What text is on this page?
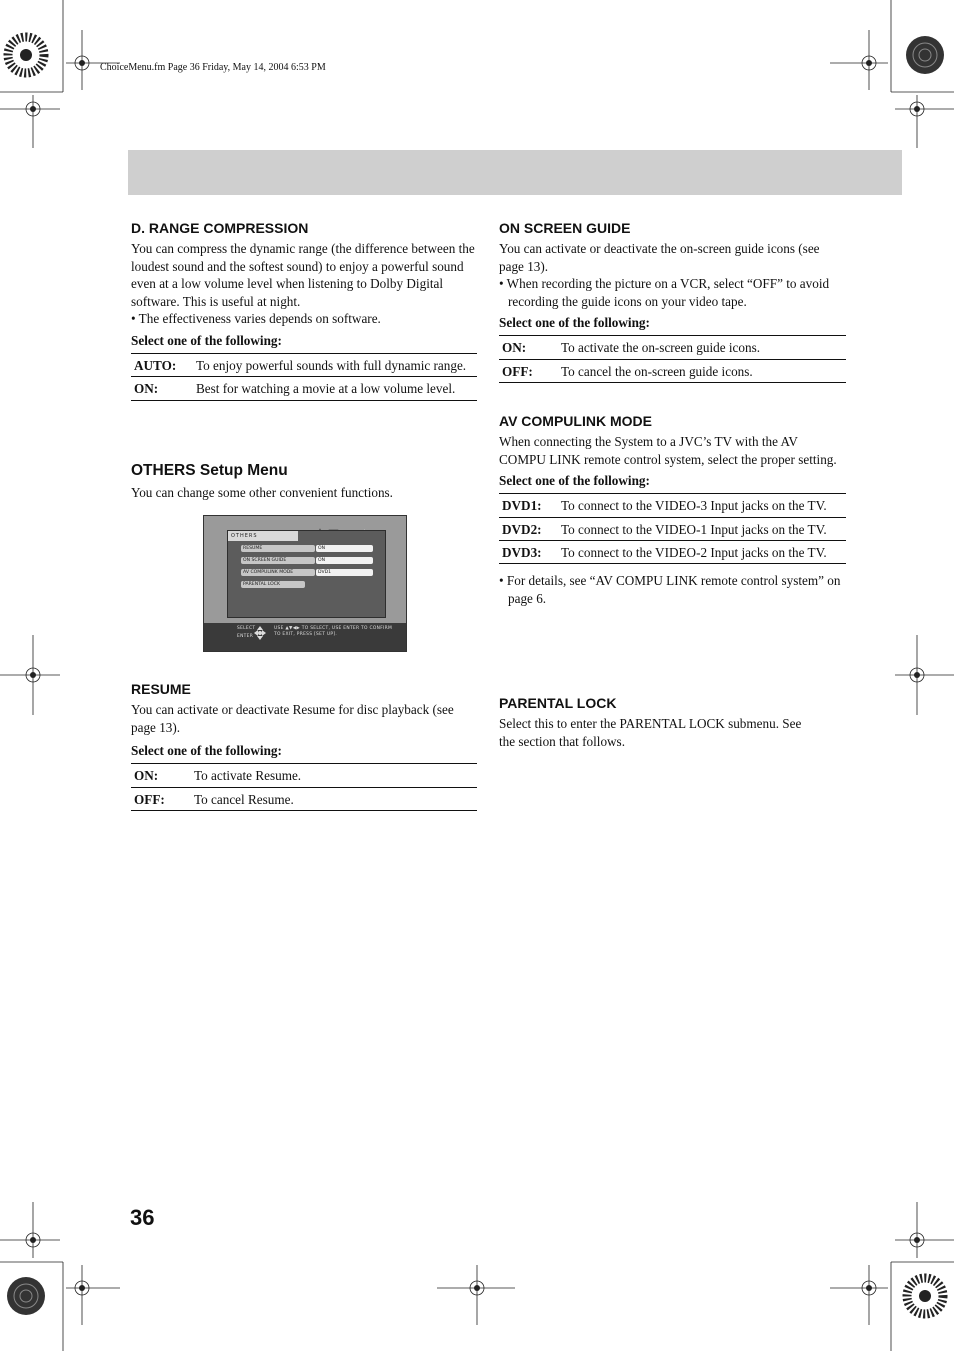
ChoiceMenu.fm Page 36 Friday, May 14, 2004 6:53 PM
D. RANGE COMPRESSION

You can compress the dynamic range (the difference between the loudest sound and the softest sound) to enjoy a powerful sound even at a low volume level when listening to Dolby Digital software. This is useful at night.

• The effectiveness varies depends on software.

Select one of the following:
AUTO:	To enjoy powerful sounds with full dynamic range.
ON:	Best for watching a movie at a low volume level.
OTHERS Setup Menu

You can change some other convenient functions.

OTHERS
RESUME	ON
ON SCREEN GUIDE	ON
AV COMPULINK MODE	DVD1
PARENTAL LOCK
SELECT
ENTER
USE ▲▼◀▶ TO SELECT, USE ENTER TO CONFIRM
TO EXIT, PRESS [SET UP].
RESUME

You can activate or deactivate Resume for disc playback (see page 13).

Select one of the following:
ON:	To activate Resume.
OFF:	To cancel Resume.
ON SCREEN GUIDE

You can activate or deactivate the on-screen guide icons (see page 13).

• When recording the picture on a VCR, select “OFF” to avoid recording the guide icons on your video tape.

Select one of the following:
ON:	To activate the on-screen guide icons.
OFF:	To cancel the on-screen guide icons.
AV COMPULINK MODE

When connecting the System to a JVC’s TV with the AV COMPU LINK remote control system, select the proper setting.

Select one of the following:
DVD1:	To connect to the VIDEO-3 Input jacks on the TV.
DVD2:	To connect to the VIDEO-1 Input jacks on the TV.
DVD3:	To connect to the VIDEO-2 Input jacks on the TV.

• For details, see “AV COMPU LINK remote control system” on page 6.

PARENTAL LOCK

Select this to enter the PARENTAL LOCK submenu. See the section that follows.

36
